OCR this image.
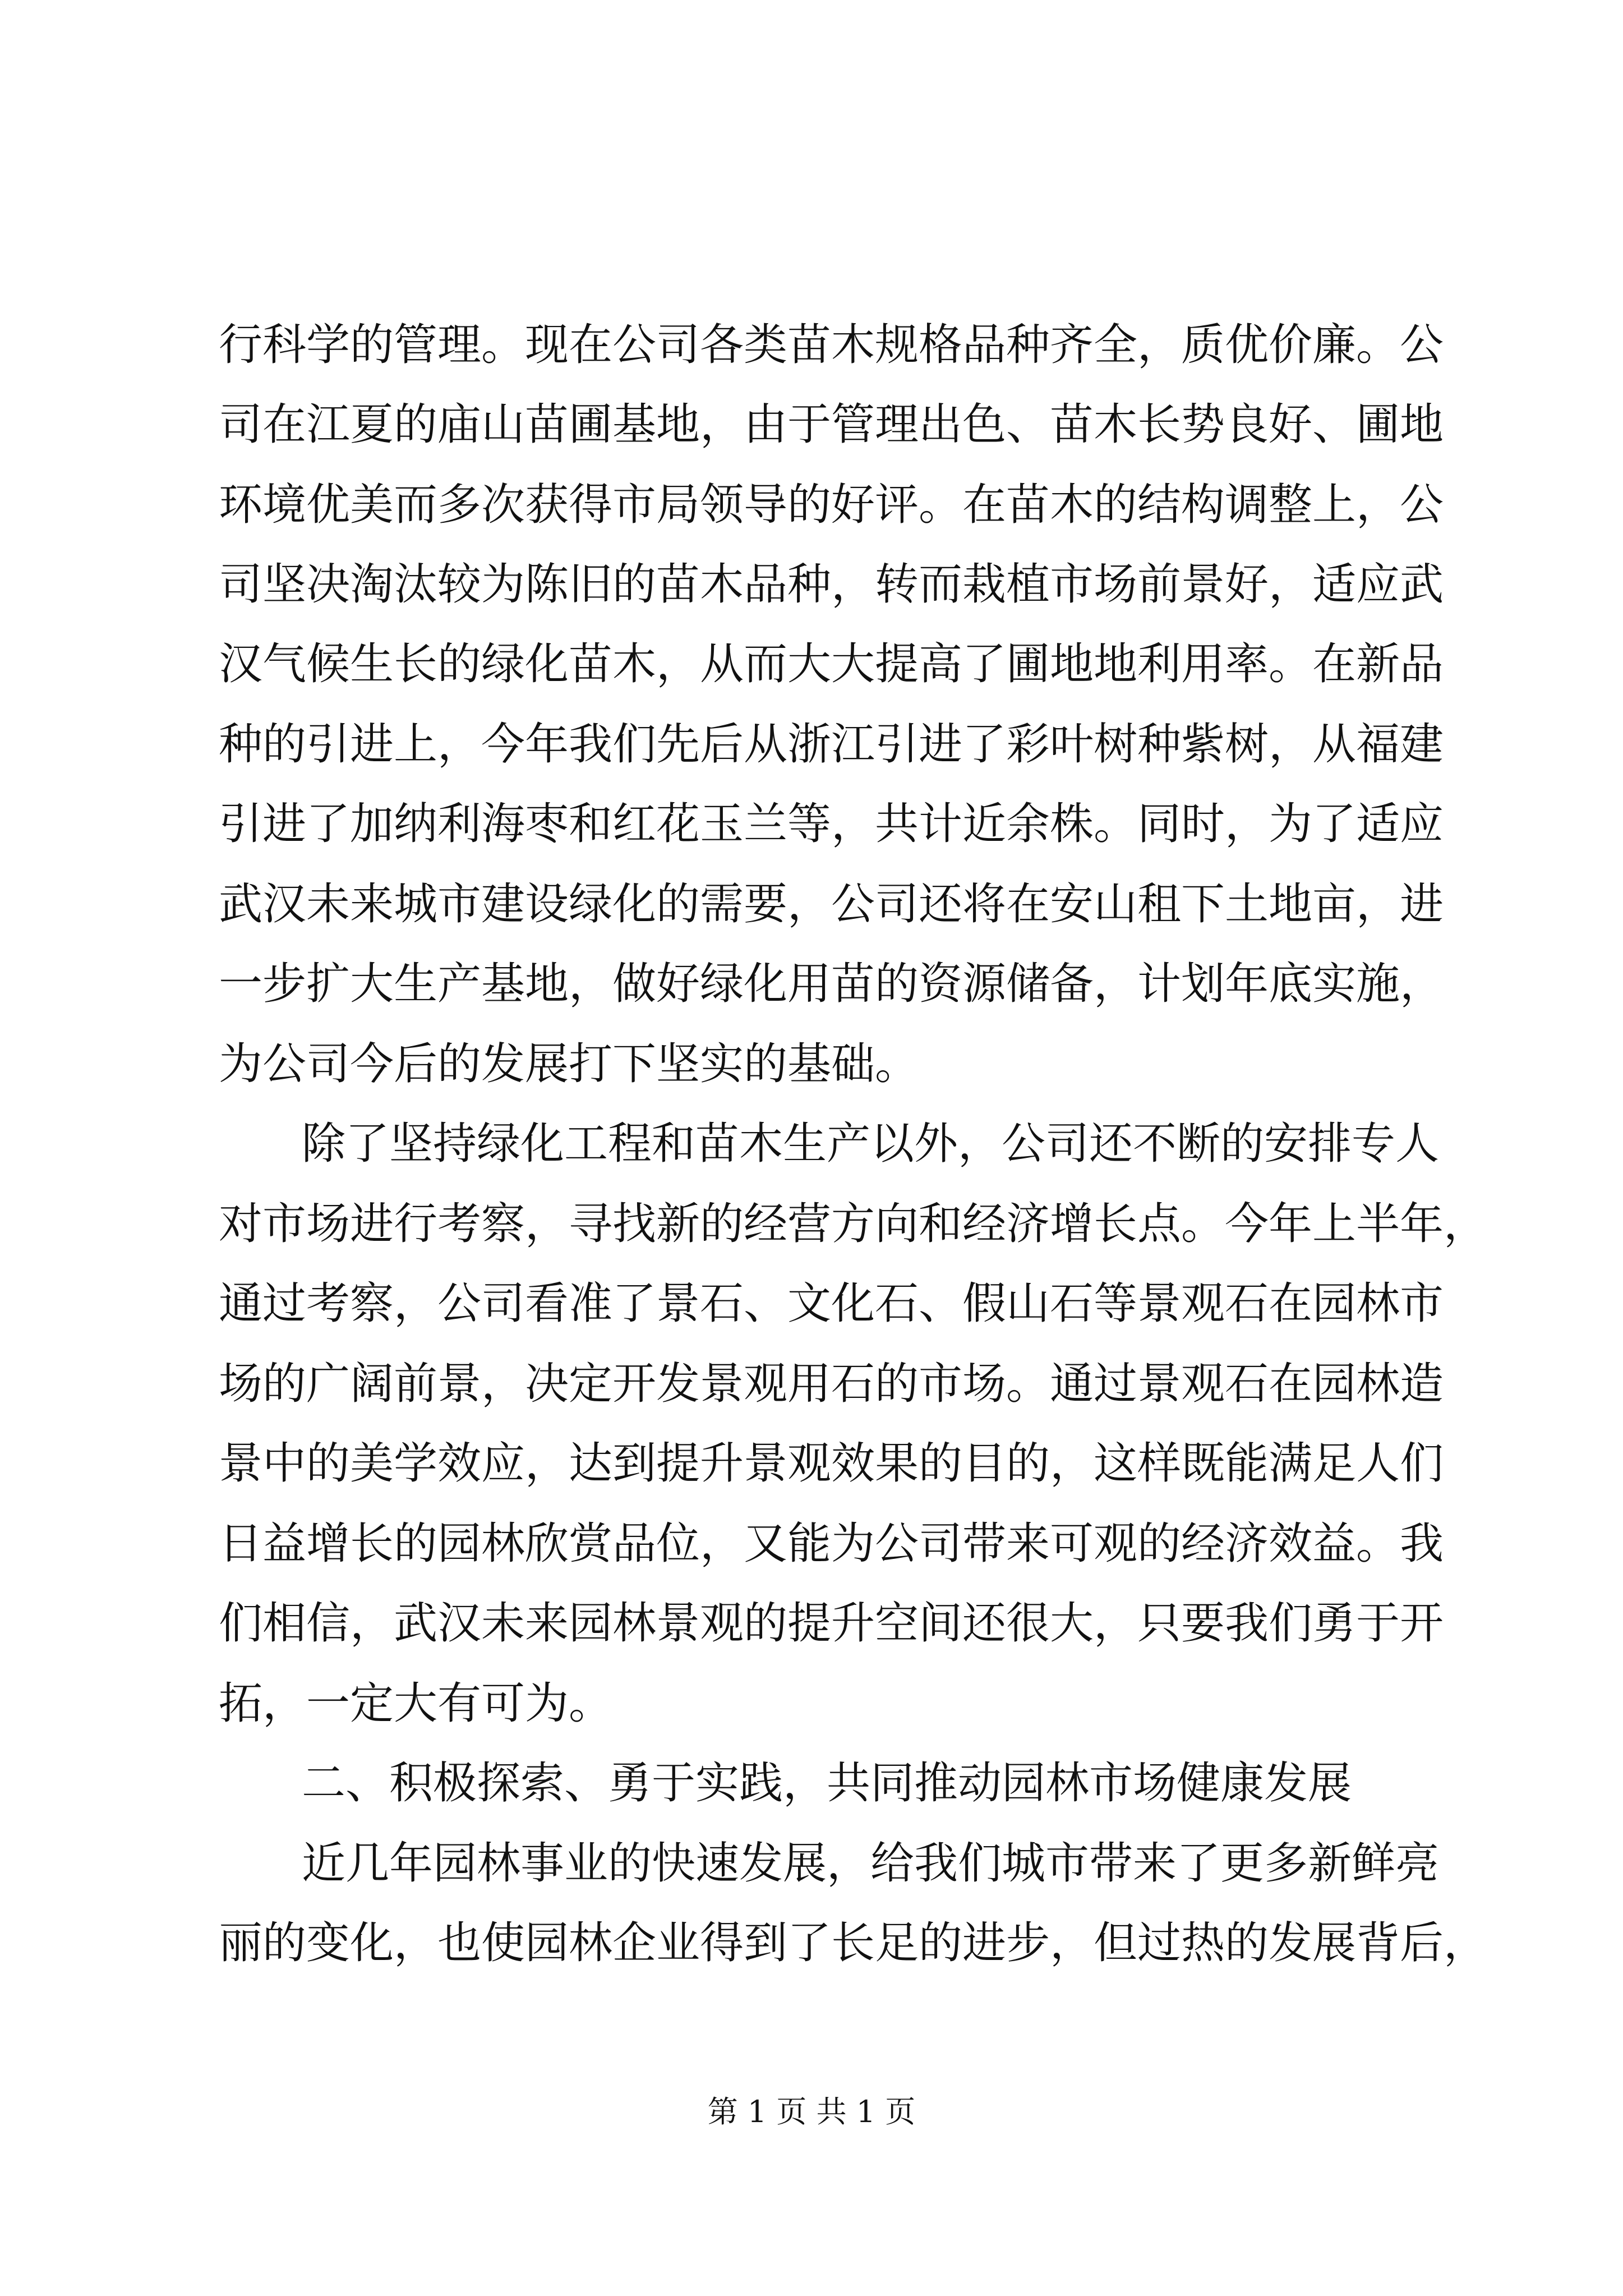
行科学的管理。现在公司各类苗木规格品种齐全，质优价廉。公
司在江夏的庙山苗圃基地，由于管理出色、苗木长势良好、圃地
环境优美而多次获得市局领导的好评。在苗木的结构调整上，公
司坚决淘汰较为陈旧的苗木品种，转而栽植市场前景好，适应武
汉气候生长的绿化苗木，从而大大提高了圃地地利用率。在新品
种的引进上，今年我们先后从浙江引进了彩叶树种紫树，从福建
引进了加纳利海枣和红花玉兰等，共计近余株。同时，为了适应
武汉未来城市建设绿化的需要，公司还将在安山租下土地亩，进
一步扩大生产基地，做好绿化用苗的资源储备，计划年底实施，
为公司今后的发展打下坚实的基础。
除了坚持绿化工程和苗木生产以外，公司还不断的安排专人
对市场进行考察，寻找新的经营方向和经济增长点。今年上半年，
通过考察，公司看准了景石、文化石、假山石等景观石在园林市
场的广阔前景，决定开发景观用石的市场。通过景观石在园林造
景中的美学效应，达到提升景观效果的目的，这样既能满足人们
日益增长的园林欣赏品位，又能为公司带来可观的经济效益。我
们相信，武汉未来园林景观的提升空间还很大，只要我们勇于开
拓，一定大有可为。
二、积极探索、勇于实践，共同推动园林市场健康发展
近几年园林事业的快速发展，给我们城市带来了更多新鲜亮
丽的变化，也使园林企业得到了长足的进步，但过热的发展背后，
第 1 页 共 1 页
